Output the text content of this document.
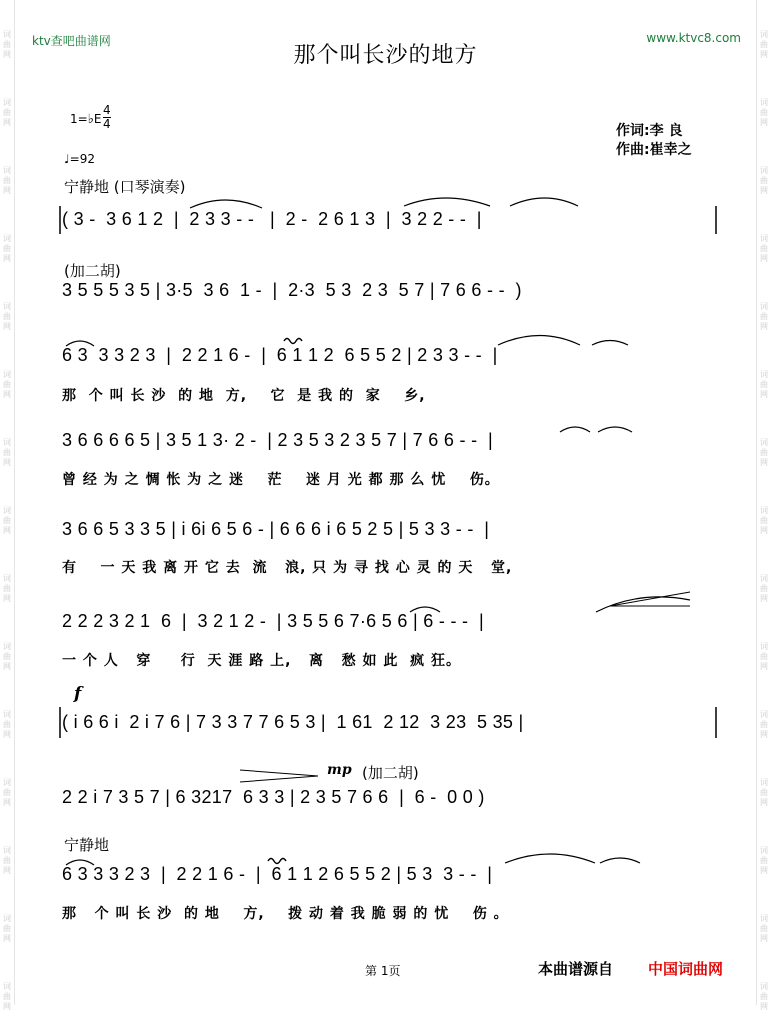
词
曲
网
词
曲
网
词
曲
网
词
曲
网
词
曲
网
词
曲
网
词
曲
网
词
曲
网
词
曲
网
词
曲
网
词
曲
网
词
曲
网
词
曲
网
词
曲
网
词
曲
网
词
曲
网
词
曲
网
词
曲
网
词
曲
网
词
曲
网
词
曲
网
词
曲
网
词
曲
网
词
曲
网
词
曲
网
词
曲
网
词
曲
网
词
曲
网
词
曲
网
词
曲
网
ktv查吧曲谱网	www.ktvc8.com
那个叫长沙的地方
1=♭E
4
4
♩=92
作词:李 良
作曲:崔幸之
宁静地 (口琴演奏)
(加二胡)
f
mp (加二胡)
宁静地
( 3 -  3 6 1 2  |  2 3 3 - -   |  2 -  2 6 1 3  |  3 2 2 - -  |
3 5 5 5 3 5 | 3·5  3 6  1 -  |  2·3  5 3  2 3  5 7 | 7 6 6 - -  )
6 3  3 3 2 3  |  2 2 1 6 -  |  6 1 1 2  6 5 5 2 | 2 3 3 - -  |
那  个 叫 长 沙  的 地  方,    它  是 我 的  家    乡,
3 6 6 6 6 5 | 3 5 1 3· 2 -  | 2 3 5 3 2 3 5 7 | 7 6 6 - -  |
曾 经 为 之 惆 怅 为 之 迷    茫    迷 月 光 都 那 么 忧    伤。
3 6 6 5 3 3 5 | i 6i 6 5 6 - | 6 6 6 i 6 5 2 5 | 5 3 3 - -  |
有    一 天 我 离 开 它 去  流   浪, 只 为 寻 找 心 灵 的 天   堂,
2 2 2 3 2 1  6  |  3 2 1 2 -  | 3 5 5 6 7·6 5 6 | 6 - - -  |
一 个 人   穿     行  天 涯 路 上,   离   愁 如 此  疯 狂。
( i 6 6 i  2 i 7 6 | 7 3 3 7 7 6 5 3 |  1 61  2 12  3 23  5 35 |
2 2 i 7 3 5 7 | 6 3217  6 3 3 | 2 3 5 7 6 6  |  6 -  0 0 )
6 3 3 3 2 3  |  2 2 1 6 -  |  6 1 1 2 6 5 5 2 | 5 3  3 - -  |
那   个 叫 长 沙  的 地    方,    拨 动 着 我 脆 弱 的 忧    伤 。
第 1页	本曲谱源自 中国词曲网
